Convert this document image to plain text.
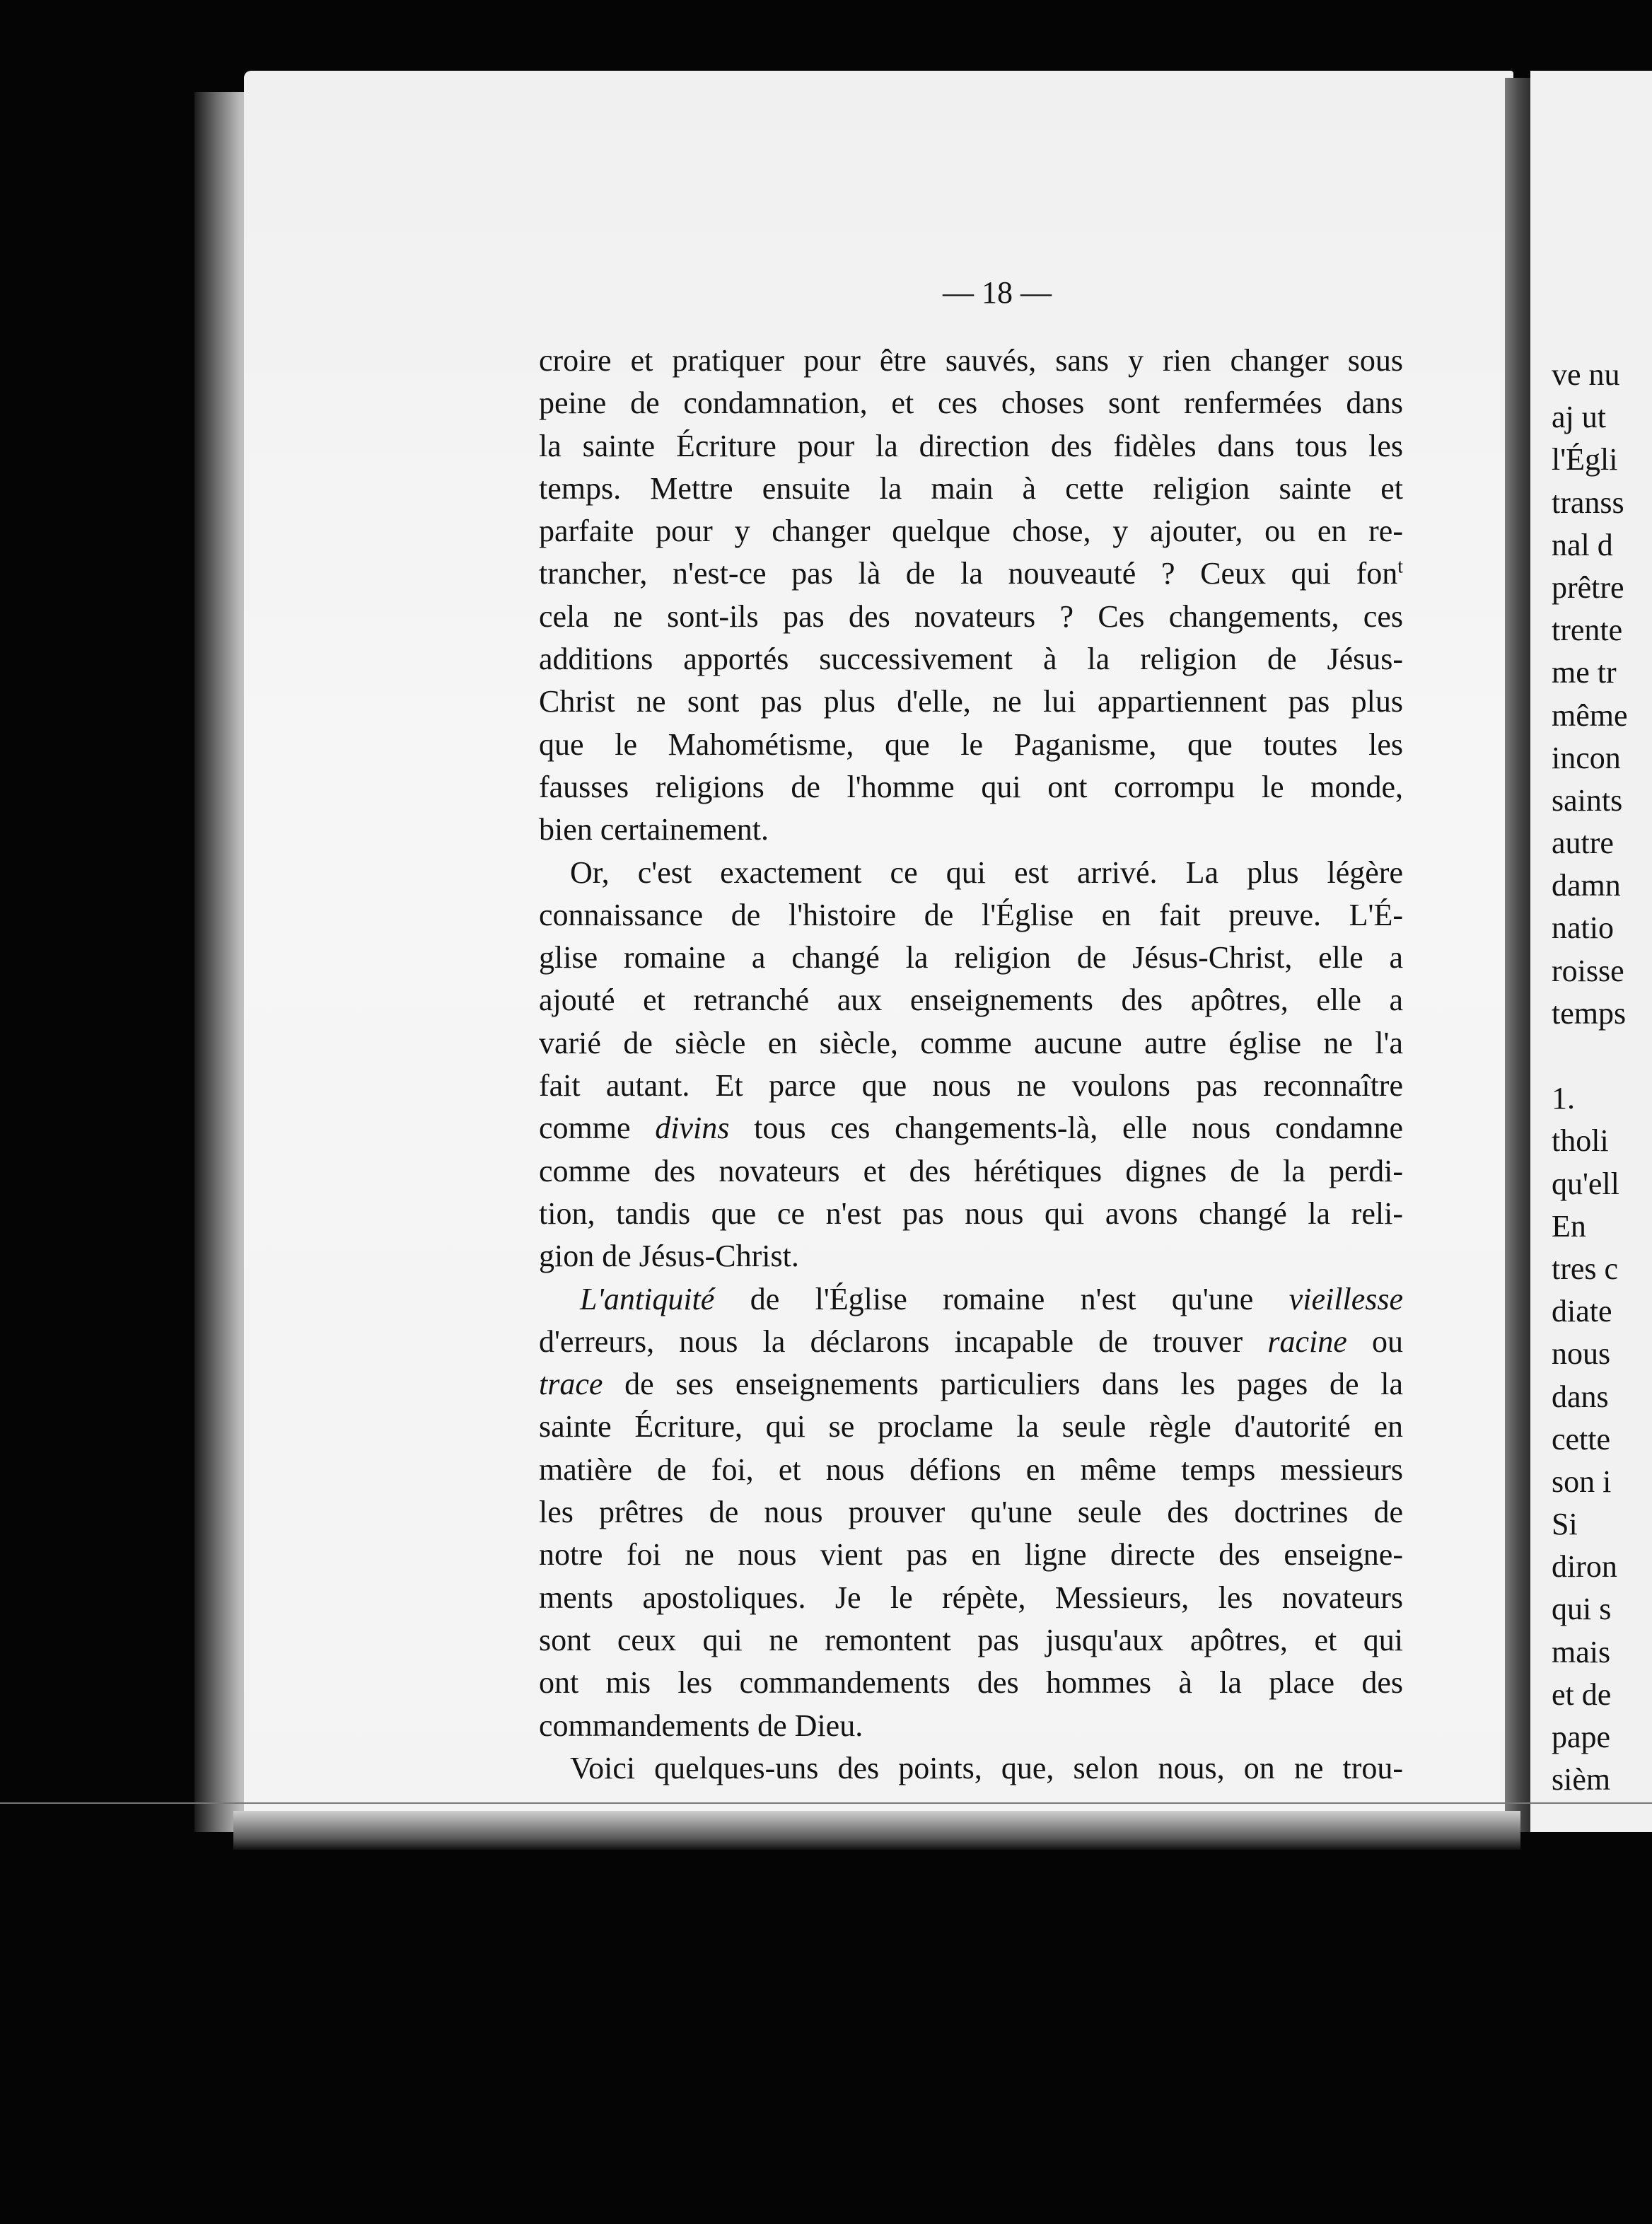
— 18 —
croire et pratiquer pour être sauvés, sans y rien changer sous
peine de condamnation, et ces choses sont renfermées dans
la sainte Écriture pour la direction des fidèles dans tous les
temps. Mettre ensuite la main à cette religion sainte et
parfaite pour y changer quelque chose, y ajouter, ou en re-
trancher, n'est-ce pas là de la nouveauté ? Ceux qui fon$^t$
cela ne sont-ils pas des novateurs ? Ces changements, ces
additions apportés successivement à la religion de Jésus-
Christ ne sont pas plus d'elle, ne lui appartiennent pas plus
que le Mahométisme, que le Paganisme, que toutes les
fausses religions de l'homme qui ont corrompu le monde,
bien certainement.
Or, c'est exactement ce qui est arrivé. La plus légère
connaissance de l'histoire de l'Église en fait preuve. L'É-
glise romaine a changé la religion de Jésus-Christ, elle a
ajouté et retranché aux enseignements des apôtres, elle a
varié de siècle en siècle, comme aucune autre église ne l'a
fait autant. Et parce que nous ne voulons pas reconnaître
comme divins tous ces changements-là, elle nous condamne
comme des novateurs et des hérétiques dignes de la perdi-
tion, tandis que ce n'est pas nous qui avons changé la reli-
gion de Jésus-Christ.
L'antiquité de l'Église romaine n'est qu'une vieillesse
d'erreurs, nous la déclarons incapable de trouver racine ou
trace de ses enseignements particuliers dans les pages de la
sainte Écriture, qui se proclame la seule règle d'autorité en
matière de foi, et nous défions en même temps messieurs
les prêtres de nous prouver qu'une seule des doctrines de
notre foi ne nous vient pas en ligne directe des enseigne-
ments apostoliques. Je le répète, Messieurs, les novateurs
sont ceux qui ne remontent pas jusqu'aux apôtres, et qui
ont mis les commandements des hommes à la place des
commandements de Dieu.
Voici quelques-uns des points, que, selon nous, on ne trou-
ve nu
aj ut
l'Égli
transs
nal d
prêtre
trente
me tr
même
incon
saints
autre
damn
natio
roisse
temps
1.
tholi
qu'ell
En
tres c
diate
nous
dans
cette
son i
Si
diron
qui s
mais
et de
pape
sièm
